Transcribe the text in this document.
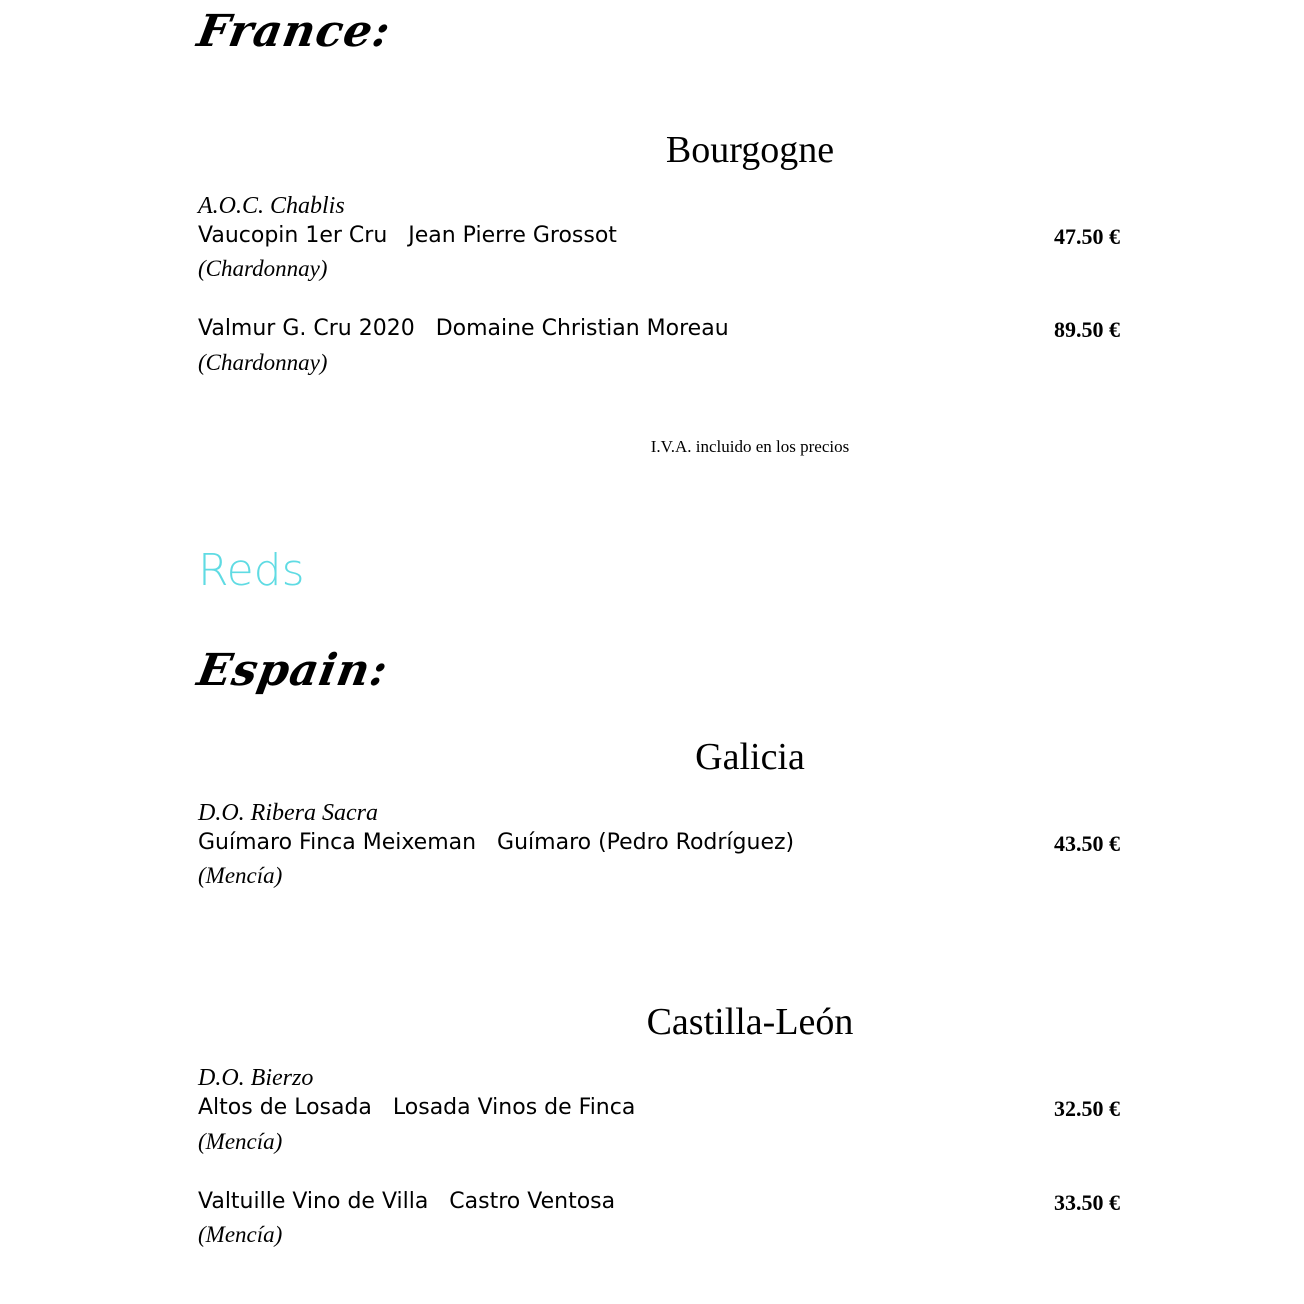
France:
Bourgogne
A.O.C. Chablis
Vaucopin 1er Cru   Jean Pierre Grossot	47.50 €
(Chardonnay)
Valmur G. Cru 2020   Domaine Christian Moreau	89.50 €
(Chardonnay)
I.V.A. incluido en los precios
Reds
Espain:
Galicia
D.O. Ribera Sacra
Guímaro Finca Meixeman   Guímaro (Pedro Rodríguez)	43.50 €
(Mencía)
Castilla-León
D.O. Bierzo
Altos de Losada   Losada Vinos de Finca	32.50 €
(Mencía)
Valtuille Vino de Villa   Castro Ventosa	33.50 €
(Mencía)
